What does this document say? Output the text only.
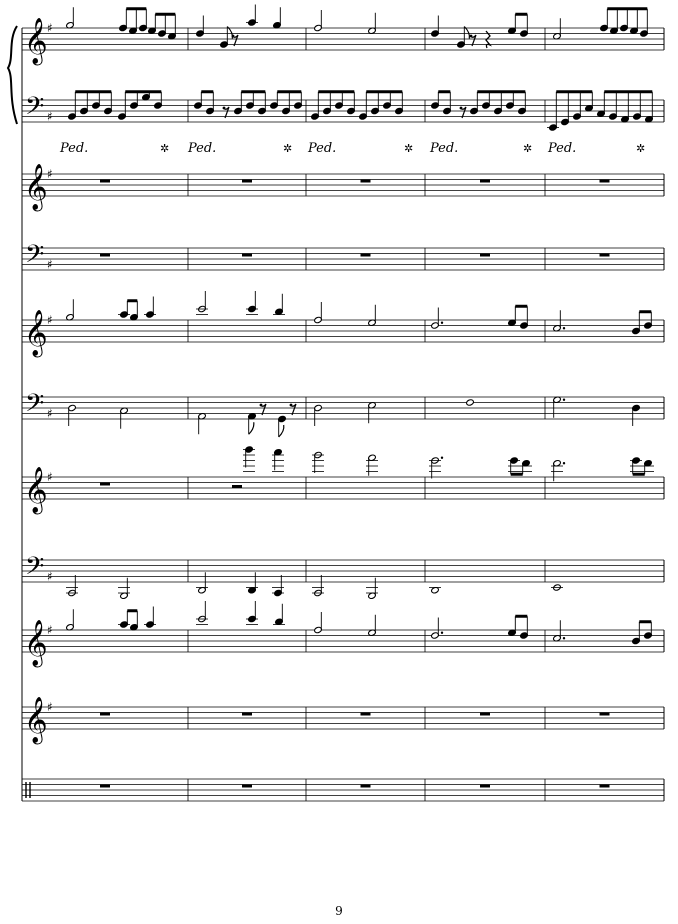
𝄞 ♯
𝄢 ♯
𝄞 ♯
𝄢 ♯
𝄞 ♯
𝄢 ♯
𝄞 ♯
𝄢 ♯
𝄞 ♯
𝄞 ♯
Ped.	✲ Ped.	✲ Ped.	✲ Ped.	✲ Ped.	✲
9
